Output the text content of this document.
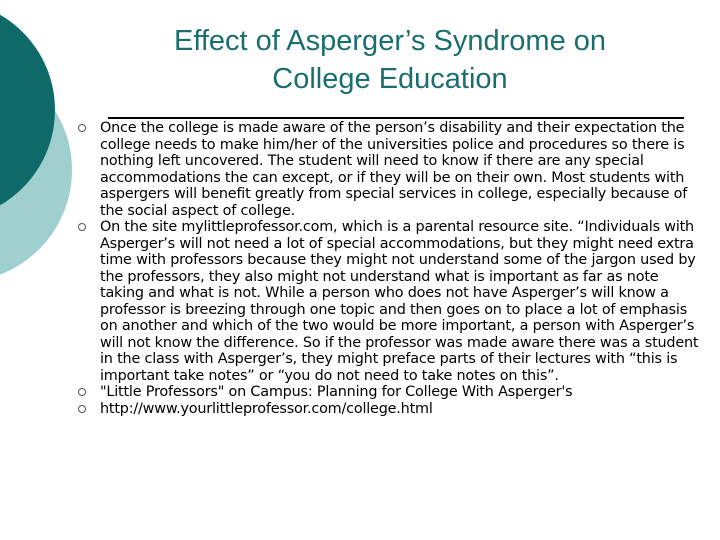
Effect of Asperger’s Syndrome on
College Education
Once the college is made aware of the person’s disability and their expectation the college needs to make him/her of the universities police and procedures so there is nothing left uncovered. The student will need to know if there are any special accommodations the can except, or if they will be on their own. Most students with aspergers will benefit greatly from special services in college, especially because of the social aspect of college.
On the site mylittleprofessor.com, which is a parental resource site. “Individuals with Asperger’s will not need a lot of special accommodations, but they might need extra time with professors because they might not understand some of the jargon used by the professors, they also might not understand what is important as far as note taking and what is not. While a person who does not have Asperger’s will know a professor is breezing through one topic and then goes on to place a lot of emphasis on another and which of the two would be more important, a person with Asperger’s will not know the difference. So if the professor was made aware there was a student in the class with Asperger’s, they might preface parts of their lectures with “this is important take notes” or “you do not need to take notes on this”.
"Little Professors" on Campus: Planning for College With Asperger's
http://www.yourlittleprofessor.com/college.html
